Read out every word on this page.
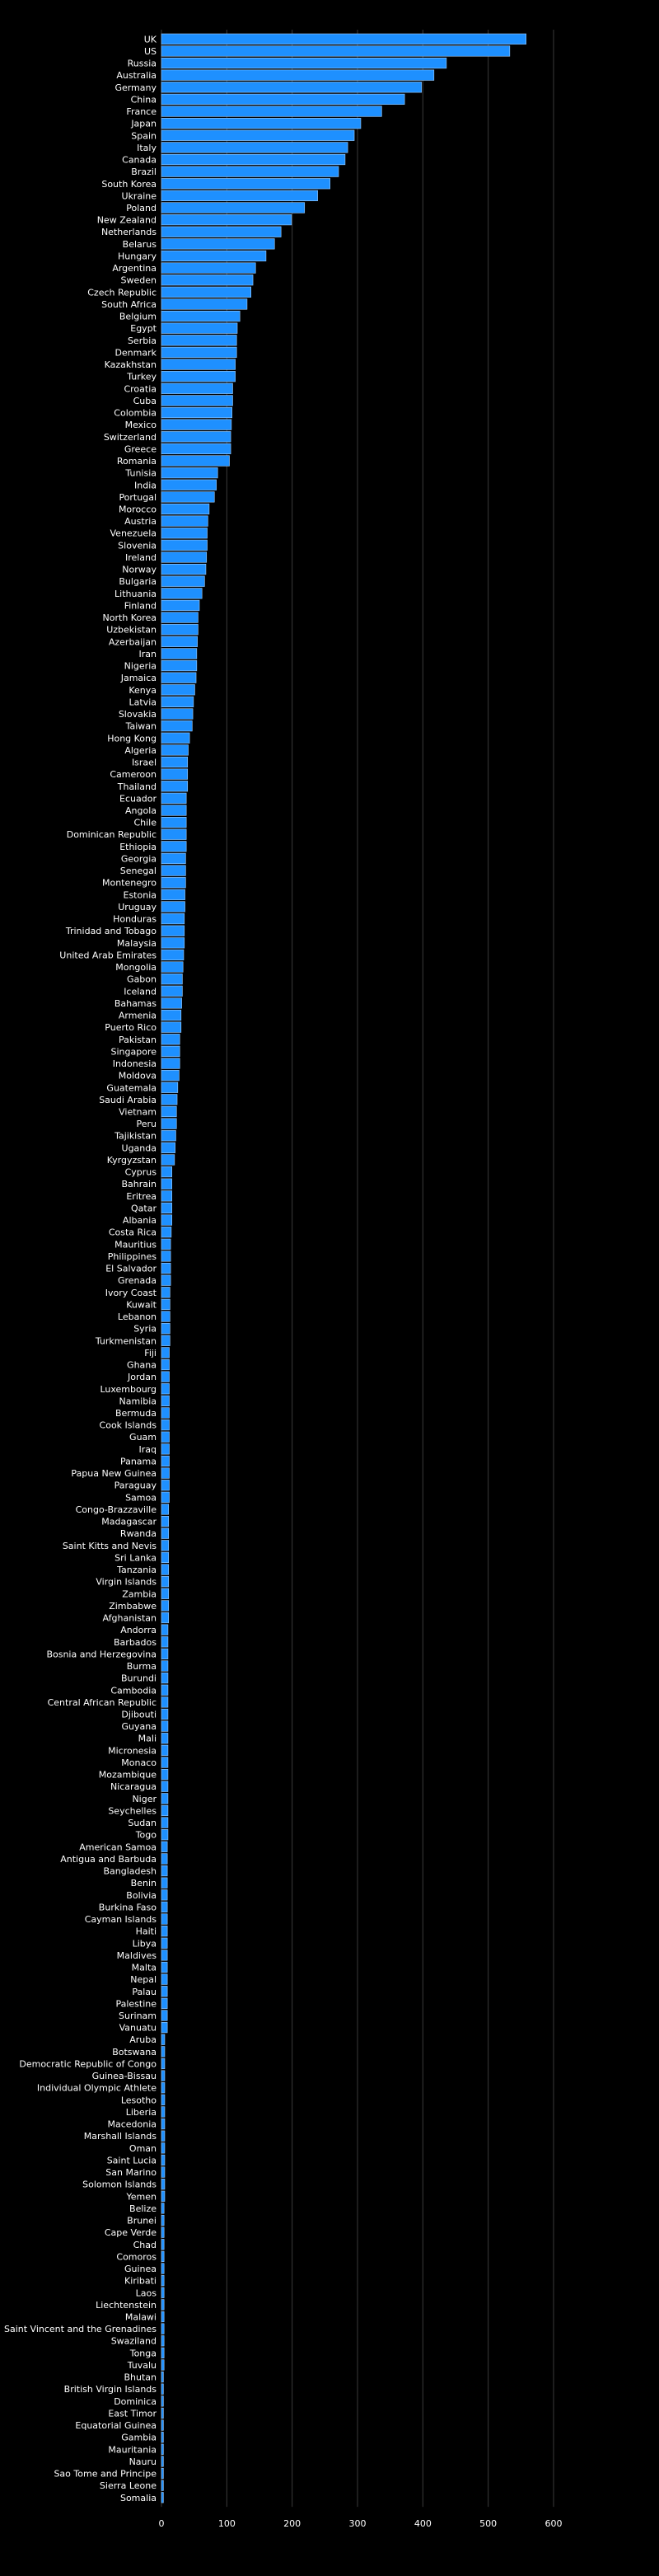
UK
US
Russia
Australia
Germany
China
France
Japan
Spain
Italy
Canada
Brazil
South Korea
Ukraine
Poland
New Zealand
Netherlands
Belarus
Hungary
Argentina
Sweden
Czech Republic
South Africa
Belgium
Egypt
Serbia
Denmark
Kazakhstan
Turkey
Croatia
Cuba
Colombia
Mexico
Switzerland
Greece
Romania
Tunisia
India
Portugal
Morocco
Austria
Venezuela
Slovenia
Ireland
Norway
Bulgaria
Lithuania
Finland
North Korea
Uzbekistan
Azerbaijan
Iran
Nigeria
Jamaica
Kenya
Latvia
Slovakia
Taiwan
Hong Kong
Algeria
Israel
Cameroon
Thailand
Ecuador
Angola
Chile
Dominican Republic
Ethiopia
Georgia
Senegal
Montenegro
Estonia
Uruguay
Honduras
Trinidad and Tobago
Malaysia
United Arab Emirates
Mongolia
Gabon
Iceland
Bahamas
Armenia
Puerto Rico
Pakistan
Singapore
Indonesia
Moldova
Guatemala
Saudi Arabia
Vietnam
Peru
Tajikistan
Uganda
Kyrgyzstan
Cyprus
Bahrain
Eritrea
Qatar
Albania
Costa Rica
Mauritius
Philippines
El Salvador
Grenada
Ivory Coast
Kuwait
Lebanon
Syria
Turkmenistan
Fiji
Ghana
Jordan
Luxembourg
Namibia
Bermuda
Cook Islands
Guam
Iraq
Panama
Papua New Guinea
Paraguay
Samoa
Congo-Brazzaville
Madagascar
Rwanda
Saint Kitts and Nevis
Sri Lanka
Tanzania
Virgin Islands
Zambia
Zimbabwe
Afghanistan
Andorra
Barbados
Bosnia and Herzegovina
Burma
Burundi
Cambodia
Central African Republic
Djibouti
Guyana
Mali
Micronesia
Monaco
Mozambique
Nicaragua
Niger
Seychelles
Sudan
Togo
American Samoa
Antigua and Barbuda
Bangladesh
Benin
Bolivia
Burkina Faso
Cayman Islands
Haiti
Libya
Maldives
Malta
Nepal
Palau
Palestine
Surinam
Vanuatu
Aruba
Botswana
Democratic Republic of Congo
Guinea-Bissau
Individual Olympic Athlete
Lesotho
Liberia
Macedonia
Marshall Islands
Oman
Saint Lucia
San Marino
Solomon Islands
Yemen
Belize
Brunei
Cape Verde
Chad
Comoros
Guinea
Kiribati
Laos
Liechtenstein
Malawi
Saint Vincent and the Grenadines
Swaziland
Tonga
Tuvalu
Bhutan
British Virgin Islands
Dominica
East Timor
Equatorial Guinea
Gambia
Mauritania
Nauru
Sao Tome and Principe
Sierra Leone
Somalia
0	100	200	300	400	500	600
